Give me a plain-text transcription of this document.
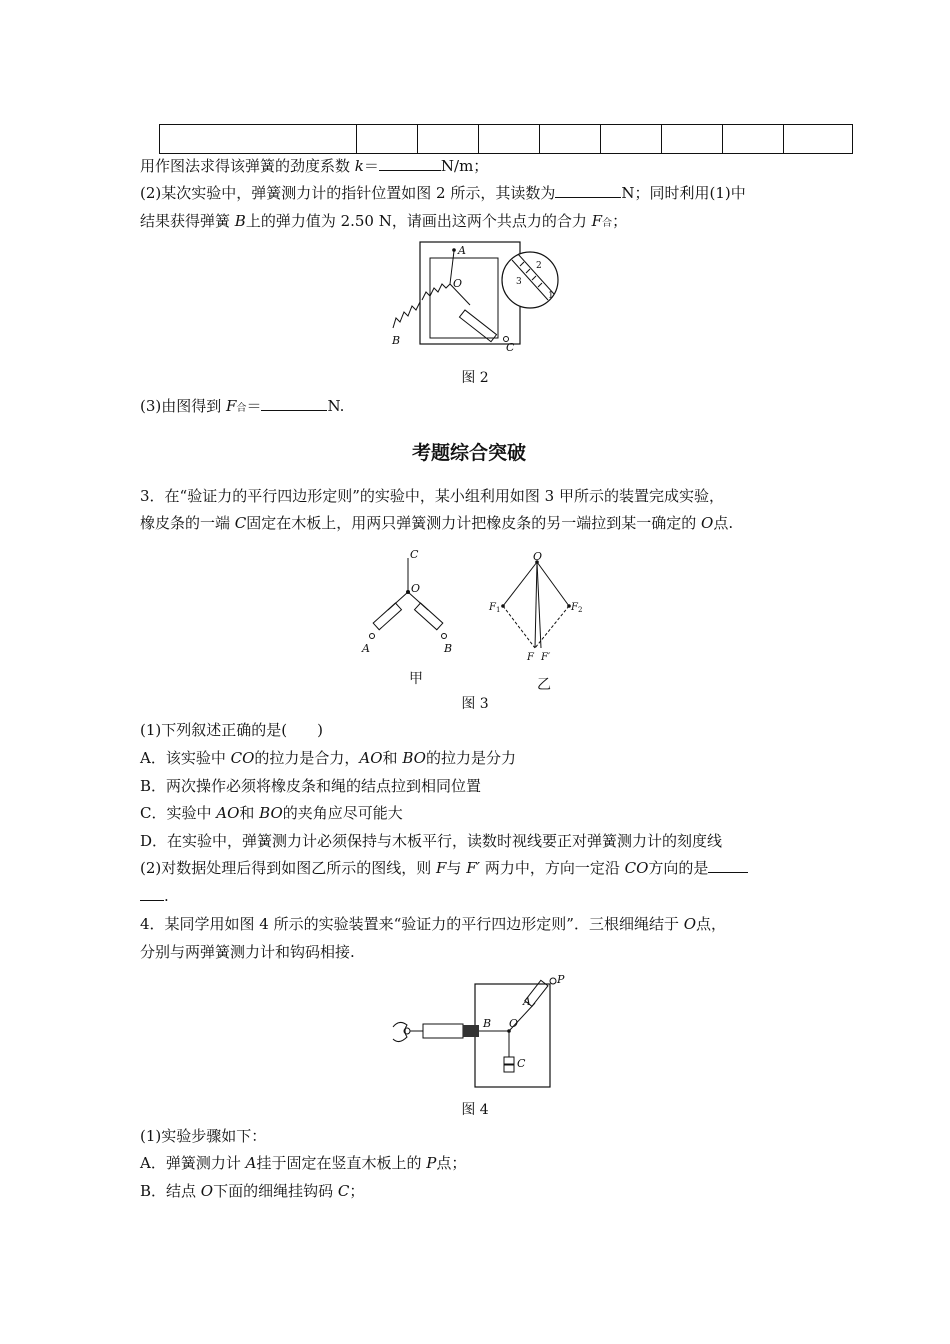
用作图法求得该弹簧的劲度系数 k＝	N/m；
(2)某次实验中，弹簧测力计的指针位置如图 2 所示，其读数为	N；同时利用(1)中
结果获得弹簧 B上的弹力值为 2.50 N，请画出这两个共点力的合力 F合；
2
3
1
A
O
B
C
图 2
(3)由图得到 F合＝	N.
考题综合突破
3．在“验证力的平行四边形定则”的实验中，某小组利用如图 3 甲所示的装置完成实验，
橡皮条的一端 C固定在木板上，用两只弹簧测力计把橡皮条的另一端拉到某一确定的 O点.
C
O
A	B
甲
O
F 1	F 2
F F′
乙
图 3
(1)下列叙述正确的是(　　)
A．该实验中 CO的拉力是合力，AO和 BO的拉力是分力
B．两次操作必须将橡皮条和绳的结点拉到相同位置
C．实验中 AO和 BO的夹角应尽可能大
D．在实验中，弹簧测力计必须保持与木板平行，读数时视线要正对弹簧测力计的刻度线
(2)对数据处理后得到如图乙所示的图线，则 F与 F′ 两力中，方向一定沿 CO方向的是
.
4．某同学用如图 4 所示的实验装置来“验证力的平行四边形定则”．三根细绳结于 O点，
分别与两弹簧测力计和钩码相接.
P
A
B O
C
图 4
(1)实验步骤如下：
A．弹簧测力计 A挂于固定在竖直木板上的 P点；
B．结点 O下面的细绳挂钩码 C；
